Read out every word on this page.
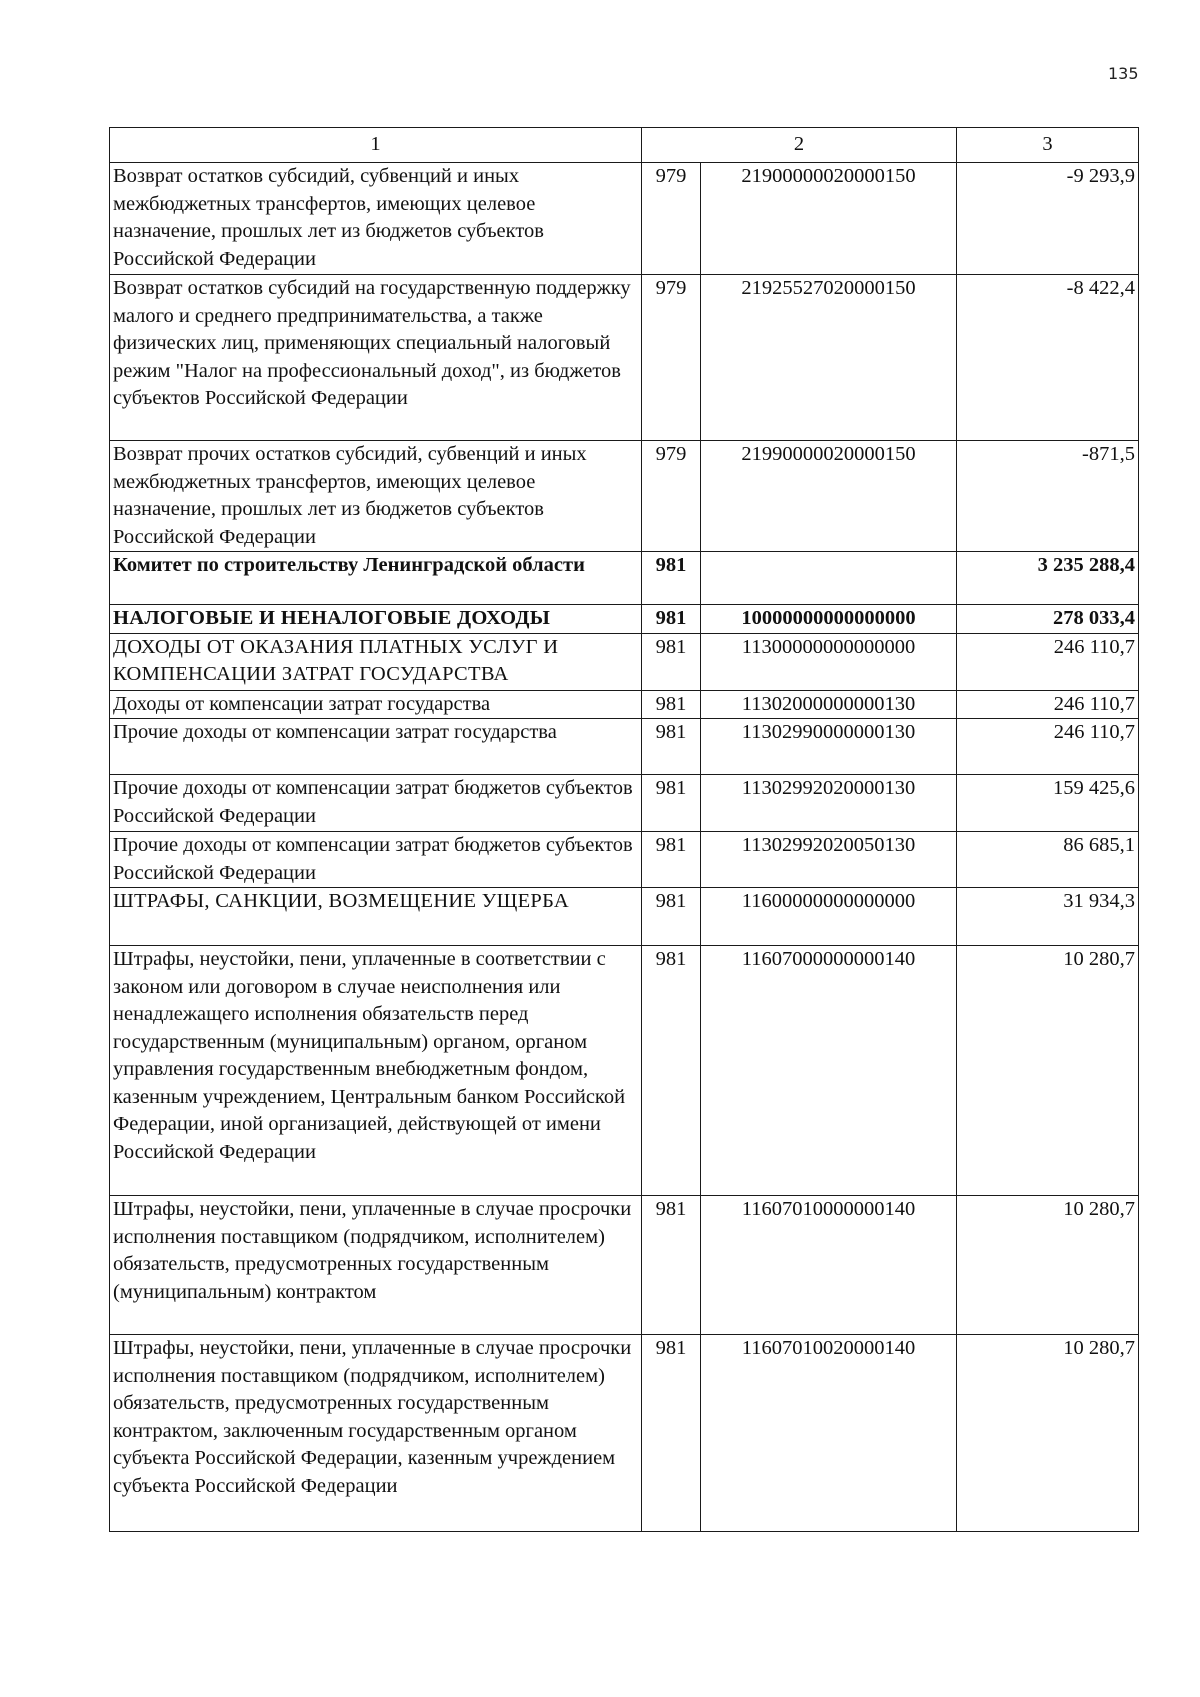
135
1	2		3
Возврат остатков субсидий, субвенций и иных межбюджетных трансфертов, имеющих целевое назначение, прошлых лет из бюджетов субъектов Российской Федерации	979	21900000020000150	-9 293,9
Возврат остатков субсидий на государственную поддержку малого и среднего предпринимательства, а также физических лиц, применяющих специальный налоговый режим "Налог на профессиональный доход", из бюджетов субъектов Российской Федерации	979	21925527020000150	-8 422,4
Возврат прочих остатков субсидий, субвенций и иных межбюджетных трансфертов, имеющих целевое назначение, прошлых лет из бюджетов субъектов Российской Федерации	979	21990000020000150	-871,5
Комитет по строительству Ленинградской области	981		3 235 288,4
НАЛОГОВЫЕ И НЕНАЛОГОВЫЕ ДОХОДЫ	981	10000000000000000	278 033,4
ДОХОДЫ ОТ ОКАЗАНИЯ ПЛАТНЫХ УСЛУГ И КОМПЕНСАЦИИ ЗАТРАТ ГОСУДАРСТВА	981	11300000000000000	246 110,7
Доходы от компенсации затрат государства	981	11302000000000130	246 110,7
Прочие доходы от компенсации затрат государства	981	11302990000000130	246 110,7
Прочие доходы от компенсации затрат бюджетов субъектов Российской Федерации	981	11302992020000130	159 425,6
Прочие доходы от компенсации затрат бюджетов субъектов Российской Федерации	981	11302992020050130	86 685,1
ШТРАФЫ, САНКЦИИ, ВОЗМЕЩЕНИЕ УЩЕРБА	981	11600000000000000	31 934,3
Штрафы, неустойки, пени, уплаченные в соответствии с законом или договором в случае неисполнения или ненадлежащего исполнения обязательств перед государственным (муниципальным) органом, органом управления государственным внебюджетным фондом, казенным учреждением, Центральным банком Российской Федерации, иной организацией, действующей от имени Российской Федерации	981	11607000000000140	10 280,7
Штрафы, неустойки, пени, уплаченные в случае просрочки исполнения поставщиком (подрядчиком, исполнителем) обязательств, предусмотренных государственным (муниципальным) контрактом	981	11607010000000140	10 280,7
Штрафы, неустойки, пени, уплаченные в случае просрочки исполнения поставщиком (подрядчиком, исполнителем) обязательств, предусмотренных государственным контрактом, заключенным государственным органом субъекта Российской Федерации, казенным учреждением субъекта Российской Федерации	981	11607010020000140	10 280,7
